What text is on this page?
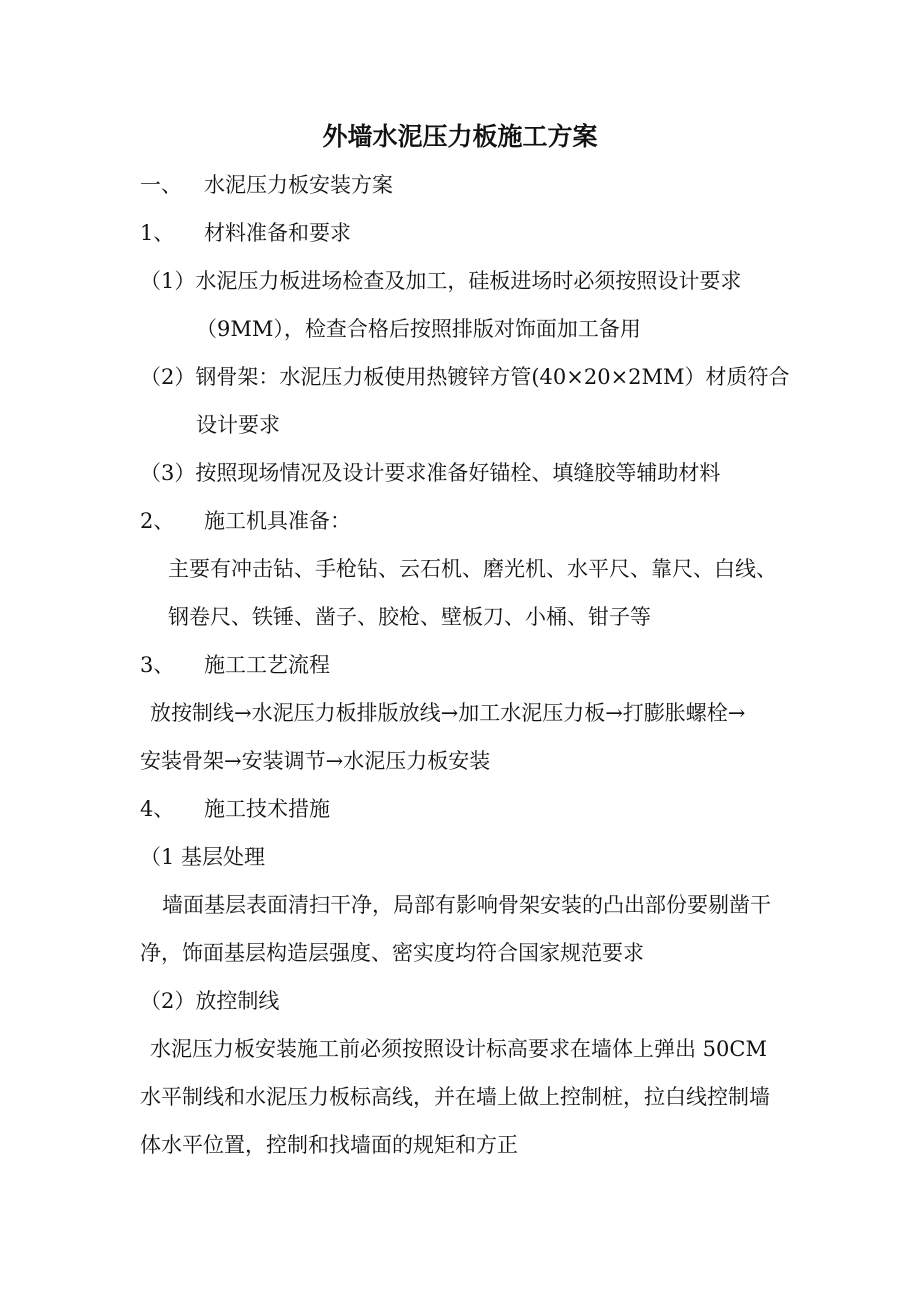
外墙水泥压力板施工方案
一、 水泥压力板安装方案
1、 材料准备和要求
（1）水泥压力板进场检查及加工，硅板进场时必须按照设计要求
（9MM），检查合格后按照排版对饰面加工备用
（2）钢骨架：水泥压力板使用热镀锌方管(40×20×2MM）材质符合
设计要求
（3）按照现场情况及设计要求准备好锚栓、填缝胶等辅助材料
2、 施工机具准备：
主要有冲击钻、手枪钻、云石机、磨光机、水平尺、靠尺、白线、
钢卷尺、铁锤、凿子、胶枪、壁板刀、小桶、钳子等
3、 施工工艺流程
放按制线→水泥压力板排版放线→加工水泥压力板→打膨胀螺栓→
安装骨架→安装调节→水泥压力板安装
4、 施工技术措施
（1 基层处理
墙面基层表面清扫干净，局部有影响骨架安装的凸出部份要剔凿干
净，饰面基层构造层强度、密实度均符合国家规范要求
（2）放控制线
水泥压力板安装施工前必须按照设计标高要求在墙体上弹出 50CM
水平制线和水泥压力板标高线，并在墙上做上控制桩，拉白线控制墙
体水平位置，控制和找墙面的规矩和方正
